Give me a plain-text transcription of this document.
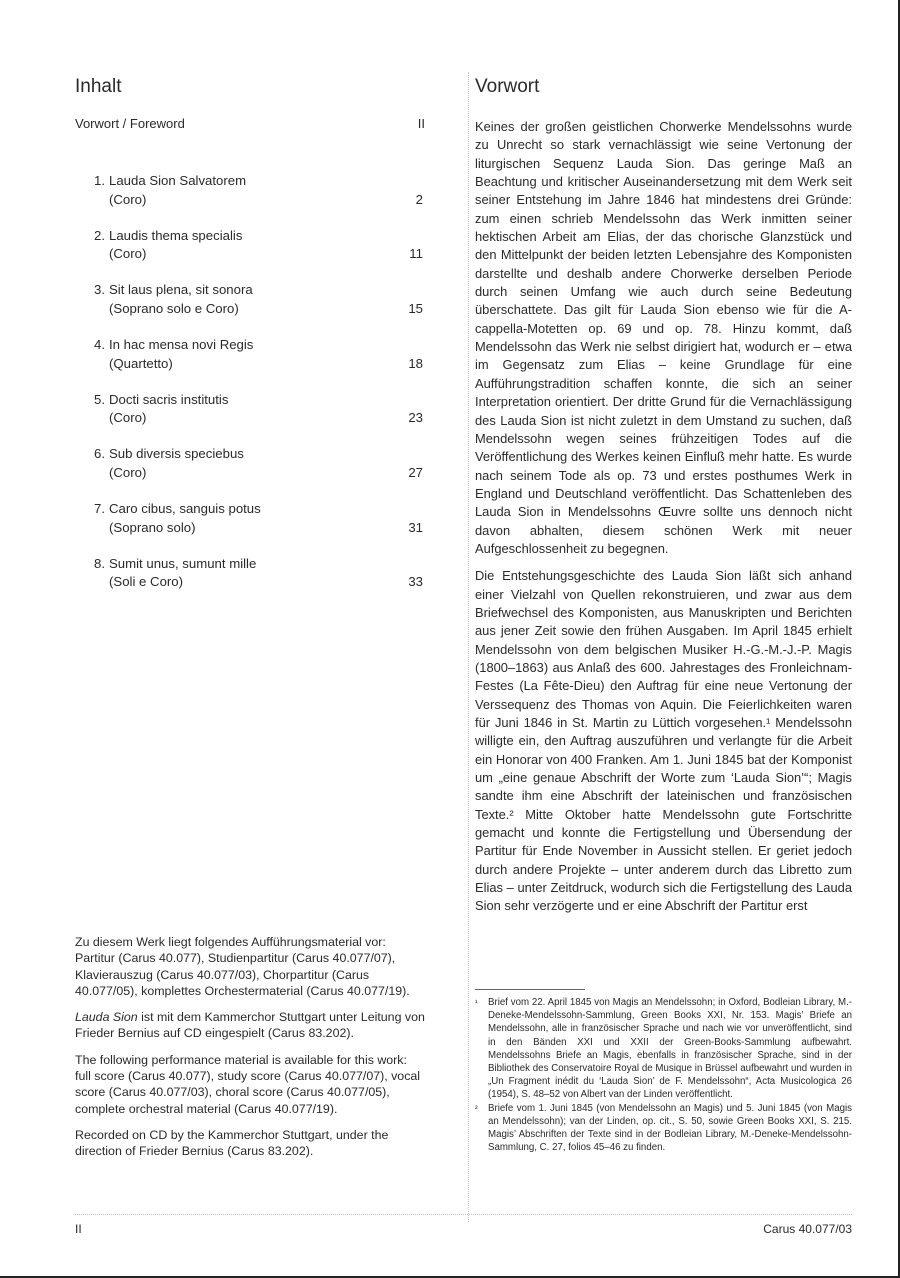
Inhalt
Vorwort / Foreword	II
1. Lauda Sion Salvatorem
(Coro)	2
2. Laudis thema specialis
(Coro)	11
3. Sit laus plena, sit sonora
(Soprano solo e Coro)	15
4. In hac mensa novi Regis
(Quartetto)	18
5. Docti sacris institutis
(Coro)	23
6. Sub diversis speciebus
(Coro)	27
7. Caro cibus, sanguis potus
(Soprano solo)	31
8. Sumit unus, sumunt mille
(Soli e Coro)	33

Zu diesem Werk liegt folgendes Aufführungsmaterial vor: Partitur (Carus 40.077), Studienpartitur (Carus 40.077/07), Klavierauszug (Carus 40.077/03), Chorpartitur (Carus 40.077/05), komplettes Orchestermaterial (Carus 40.077/19).

Lauda Sion ist mit dem Kammerchor Stuttgart unter Leitung von Frieder Bernius auf CD eingespielt (Carus 83.202).

The following performance material is available for this work: full score (Carus 40.077), study score (Carus 40.077/07), vocal score (Carus 40.077/03), choral score (Carus 40.077/05), complete orchestral material (Carus 40.077/19).

Recorded on CD by the Kammerchor Stuttgart, under the direction of Frieder Bernius (Carus 83.202).

Vorwort

Keines der großen geistlichen Chorwerke Mendelssohns wurde zu Unrecht so stark vernachlässigt wie seine Vertonung der liturgischen Sequenz Lauda Sion. Das geringe Maß an Beachtung und kritischer Auseinandersetzung mit dem Werk seit seiner Entstehung im Jahre 1846 hat mindestens drei Gründe: zum einen schrieb Mendelssohn das Werk inmitten seiner hektischen Arbeit am Elias, der das chorische Glanzstück und den Mittelpunkt der beiden letzten Lebensjahre des Komponisten darstellte und deshalb andere Chorwerke derselben Periode durch seinen Umfang wie auch durch seine Bedeutung überschattete. Das gilt für Lauda Sion ebenso wie für die A-cappella-Motetten op. 69 und op. 78. Hinzu kommt, daß Mendelssohn das Werk nie selbst dirigiert hat, wodurch er – etwa im Gegensatz zum Elias – keine Grundlage für eine Aufführungstradition schaffen konnte, die sich an seiner Interpretation orientiert. Der dritte Grund für die Vernachlässigung des Lauda Sion ist nicht zuletzt in dem Umstand zu suchen, daß Mendelssohn wegen seines frühzeitigen Todes auf die Veröffentlichung des Werkes keinen Einfluß mehr hatte. Es wurde nach seinem Tode als op. 73 und erstes posthumes Werk in England und Deutschland veröffentlicht. Das Schattenleben des Lauda Sion in Mendelssohns Œuvre sollte uns dennoch nicht davon abhalten, diesem schönen Werk mit neuer Aufgeschlossenheit zu begegnen.

Die Entstehungsgeschichte des Lauda Sion läßt sich anhand einer Vielzahl von Quellen rekonstruieren, und zwar aus dem Briefwechsel des Komponisten, aus Manuskripten und Berichten aus jener Zeit sowie den frühen Ausgaben. Im April 1845 erhielt Mendelssohn von dem belgischen Musiker H.-G.-M.-J.-P. Magis (1800–1863) aus Anlaß des 600. Jahrestages des Fronleichnam-Festes (La Fête-Dieu) den Auftrag für eine neue Vertonung der Verssequenz des Thomas von Aquin. Die Feierlichkeiten waren für Juni 1846 in St. Martin zu Lüttich vorgesehen.¹ Mendelssohn willigte ein, den Auftrag auszuführen und verlangte für die Arbeit ein Honorar von 400 Franken. Am 1. Juni 1845 bat der Komponist um „eine genaue Abschrift der Worte zum ‘Lauda Sion’“; Magis sandte ihm eine Abschrift der lateinischen und französischen Texte.² Mitte Oktober hatte Mendelssohn gute Fortschritte gemacht und konnte die Fertigstellung und Übersendung der Partitur für Ende November in Aussicht stellen. Er geriet jedoch durch andere Projekte – unter anderem durch das Libretto zum Elias – unter Zeitdruck, wodurch sich die Fertigstellung des Lauda Sion sehr verzögerte und er eine Abschrift der Partitur erst

¹	Brief vom 22. April 1845 von Magis an Mendelssohn; in Oxford, Bodleian Library, M.-Deneke-Mendelssohn-Sammlung, Green Books XXI, Nr. 153. Magis’ Briefe an Mendelssohn, alle in französischer Sprache und nach wie vor unveröffentlicht, sind in den Bänden XXI und XXII der Green-Books-Sammlung aufbewahrt. Mendelssohns Briefe an Magis, ebenfalls in französischer Sprache, sind in der Bibliothek des Conservatoire Royal de Musique in Brüssel aufbewahrt und wurden in „Un Fragment inédit du ‘Lauda Sion’ de F. Mendelssohn“, Acta Musicologica 26 (1954), S. 48–52 von Albert van der Linden veröffentlicht.
²	Briefe vom 1. Juni 1845 (von Mendelssohn an Magis) und 5. Juni 1845 (von Magis an Mendelssohn); van der Linden, op. cit., S. 50, sowie Green Books XXI, S. 215. Magis’ Abschriften der Texte sind in der Bodleian Library, M.-Deneke-Mendelssohn-Sammlung, C. 27, folios 45–46 zu finden.
II	Carus 40.077/03
